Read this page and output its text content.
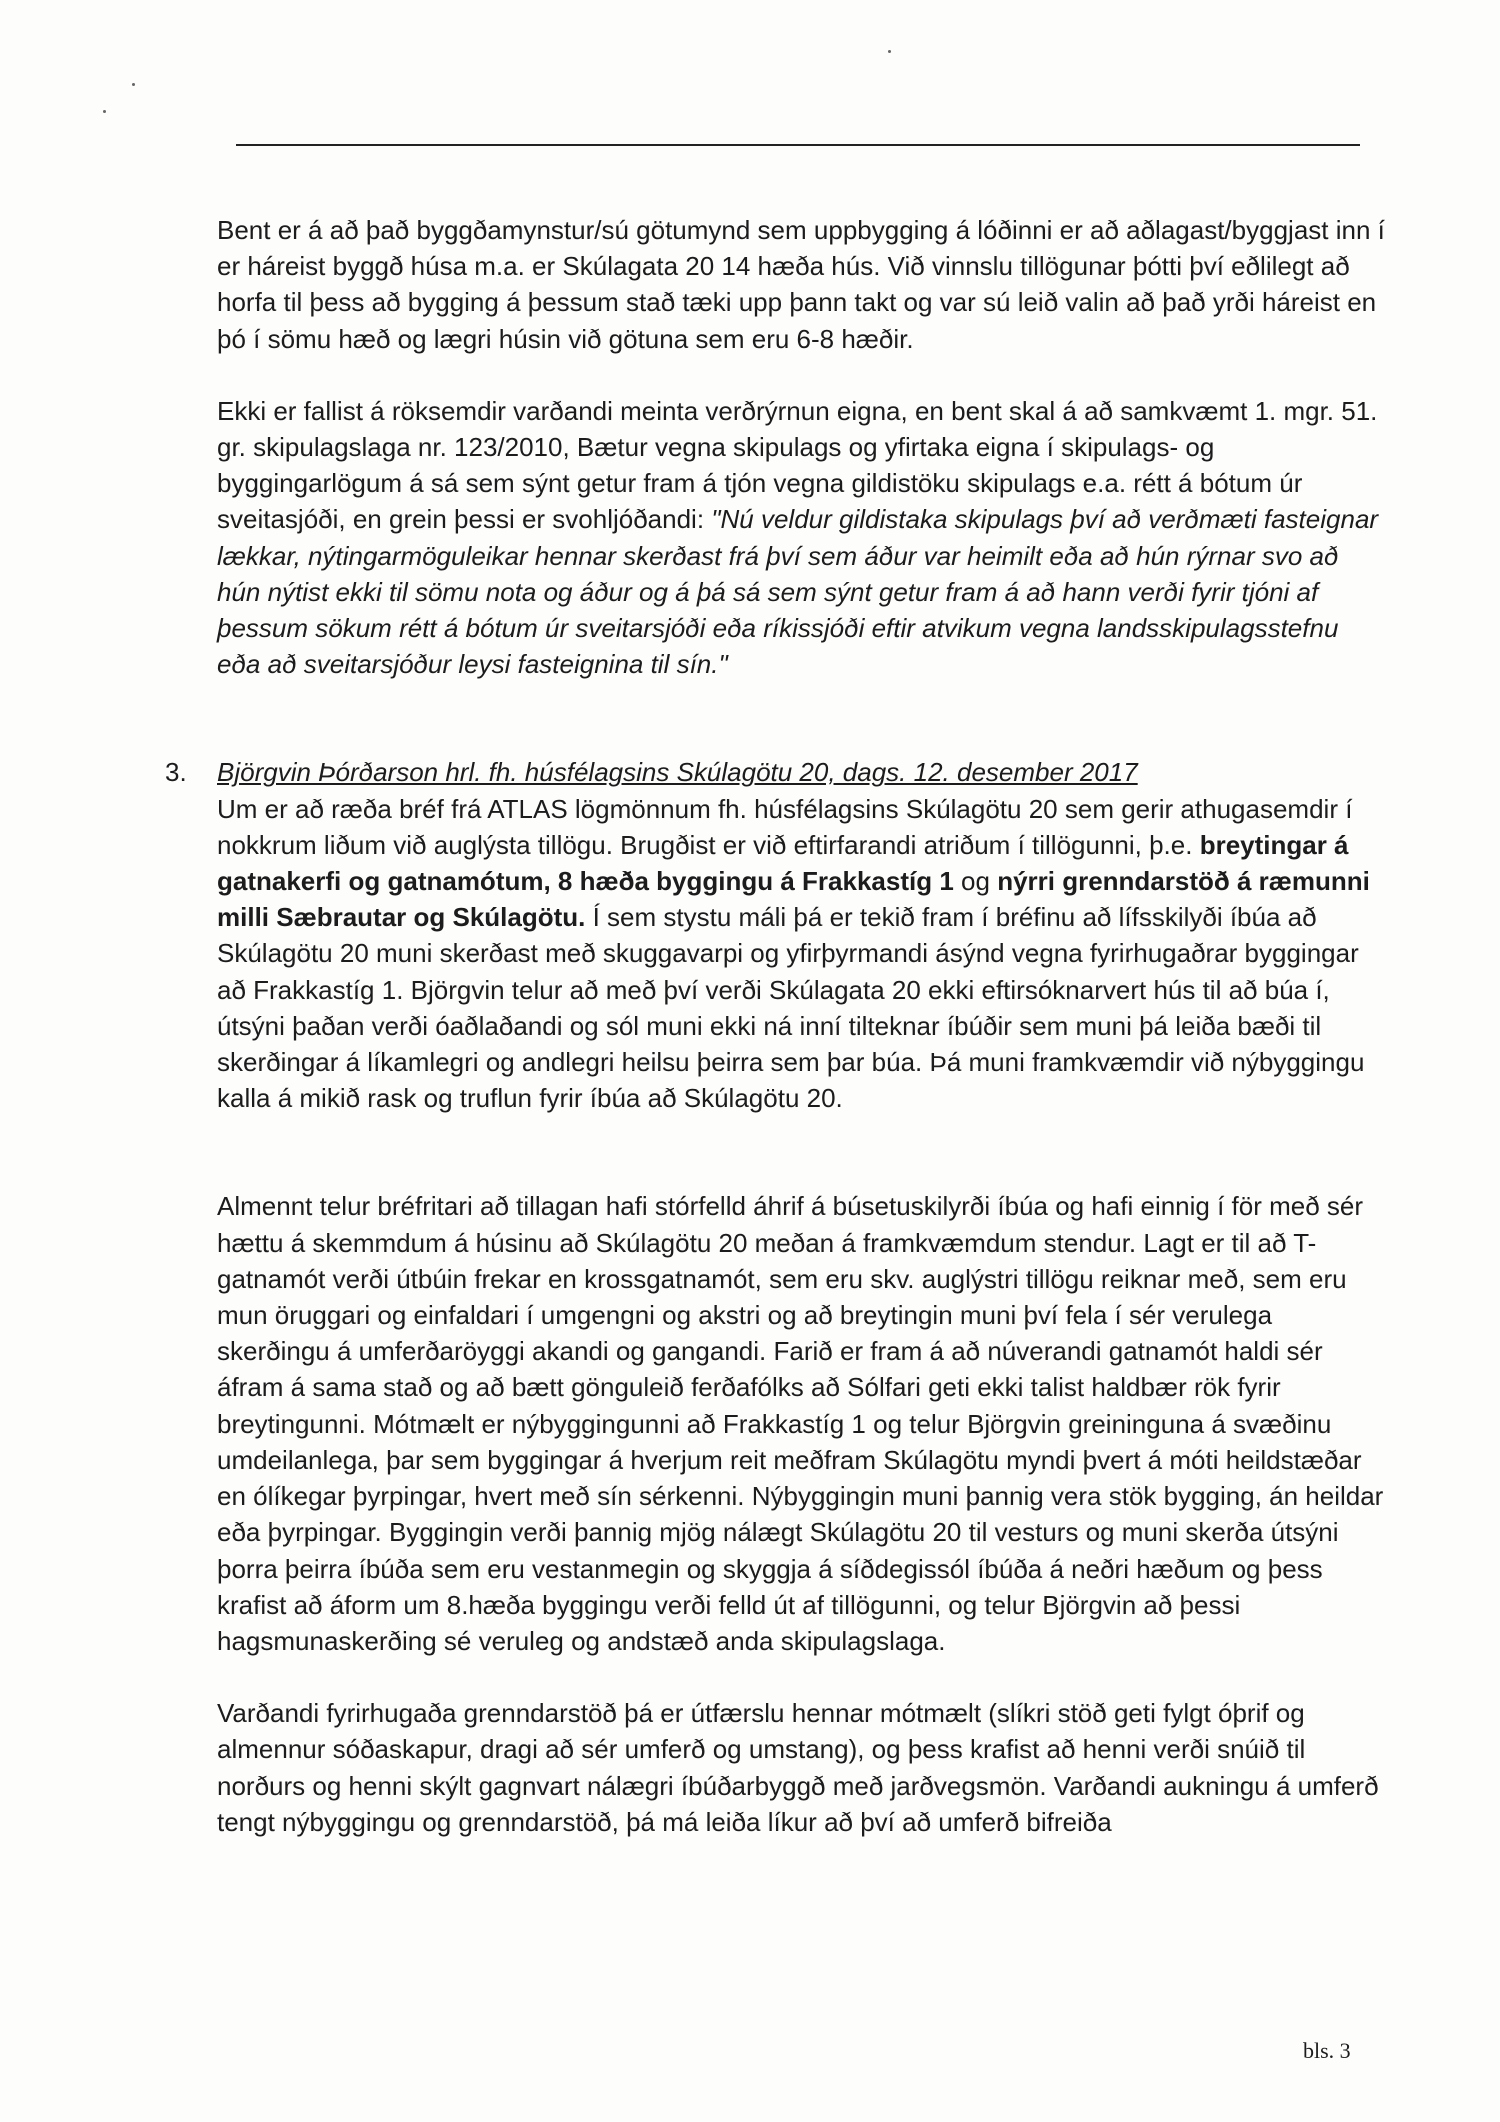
Bent er á að það byggðamynstur/sú götumynd sem uppbygging á lóðinni er að aðlagast/byggjast inn í er háreist byggð húsa m.a. er Skúlagata 20 14 hæða hús. Við vinnslu tillögunar þótti því eðlilegt að horfa til þess að bygging á þessum stað tæki upp þann takt og var sú leið valin að það yrði háreist en þó í sömu hæð og lægri húsin við götuna sem eru 6-8 hæðir.

Ekki er fallist á röksemdir varðandi meinta verðrýrnun eigna, en bent skal á að samkvæmt 1. mgr. 51. gr. skipulagslaga nr. 123/2010, Bætur vegna skipulags og yfirtaka eigna í skipulags- og byggingarlögum á sá sem sýnt getur fram á tjón vegna gildistöku skipulags e.a. rétt á bótum úr sveitasjóði, en grein þessi er svohljóðandi: "Nú veldur gildistaka skipulags því að verðmæti fasteignar lækkar, nýtingarmöguleikar hennar skerðast frá því sem áður var heimilt eða að hún rýrnar svo að hún nýtist ekki til sömu nota og áður og á þá sá sem sýnt getur fram á að hann verði fyrir tjóni af þessum sökum rétt á bótum úr sveitarsjóði eða ríkissjóði eftir atvikum vegna landsskipulagsstefnu eða að sveitarsjóður leysi fasteignina til sín."

3. Björgvin Þórðarson hrl. fh. húsfélagsins Skúlagötu 20, dags. 12. desember 2017

Um er að ræða bréf frá ATLAS lögmönnum fh. húsfélagsins Skúlagötu 20 sem gerir athugasemdir í nokkrum liðum við auglýsta tillögu. Brugðist er við eftirfarandi atriðum í tillögunni, þ.e. breytingar á gatnakerfi og gatnamótum, 8 hæða byggingu á Frakkastíg 1 og nýrri grenndarstöð á ræmunni milli Sæbrautar og Skúlagötu. Í sem stystu máli þá er tekið fram í bréfinu að lífsskilyði íbúa að Skúlagötu 20 muni skerðast með skuggavarpi og yfirþyrmandi ásýnd vegna fyrirhugaðrar byggingar að Frakkastíg 1. Björgvin telur að með því verði Skúlagata 20 ekki eftirsóknarvert hús til að búa í, útsýni þaðan verði óaðlaðandi og sól muni ekki ná inní tilteknar íbúðir sem muni þá leiða bæði til skerðingar á líkamlegri og andlegri heilsu þeirra sem þar búa. Þá muni framkvæmdir við nýbyggingu kalla á mikið rask og truflun fyrir íbúa að Skúlagötu 20.

Almennt telur bréfritari að tillagan hafi stórfelld áhrif á búsetuskilyrði íbúa og hafi einnig í för með sér hættu á skemmdum á húsinu að Skúlagötu 20 meðan á framkvæmdum stendur. Lagt er til að T-gatnamót verði útbúin frekar en krossgatnamót, sem eru skv. auglýstri tillögu reiknar með, sem eru mun öruggari og einfaldari í umgengni og akstri og að breytingin muni því fela í sér verulega skerðingu á umferðaröyggi akandi og gangandi. Farið er fram á að núverandi gatnamót haldi sér áfram á sama stað og að bætt gönguleið ferðafólks að Sólfari geti ekki talist haldbær rök fyrir breytingunni. Mótmælt er nýbyggingunni að Frakkastíg 1 og telur Björgvin greininguna á svæðinu umdeilanlega, þar sem byggingar á hverjum reit meðfram Skúlagötu myndi þvert á móti heildstæðar en ólíkegar þyrpingar, hvert með sín sérkenni. Nýbyggingin muni þannig vera stök bygging, án heildar eða þyrpingar. Byggingin verði þannig mjög nálægt Skúlagötu 20 til vesturs og muni skerða útsýni þorra þeirra íbúða sem eru vestanmegin og skyggja á síðdegissól íbúða á neðri hæðum og þess krafist að áform um 8.hæða byggingu verði felld út af tillögunni, og telur Björgvin að þessi hagsmunaskerðing sé veruleg og andstæð anda skipulagslaga.

Varðandi fyrirhugaða grenndarstöð þá er útfærslu hennar mótmælt (slíkri stöð geti fylgt óþrif og almennur sóðaskapur, dragi að sér umferð og umstang), og þess krafist að henni verði snúið til norðurs og henni skýlt gagnvart nálægri íbúðarbyggð með jarðvegsmön. Varðandi aukningu á umferð tengt nýbyggingu og grenndarstöð, þá má leiða líkur að því að umferð bifreiða

bls. 3
